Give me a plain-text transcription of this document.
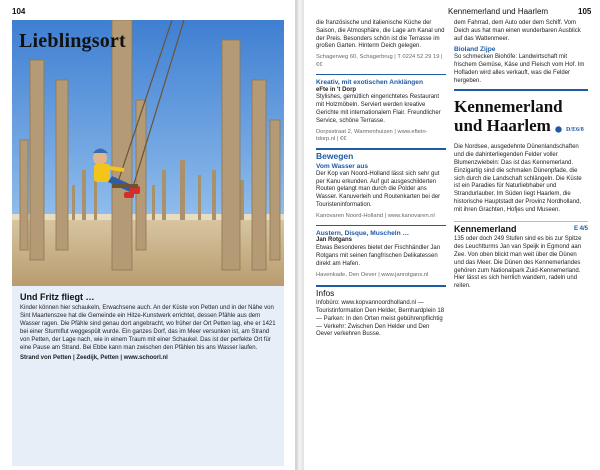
104
Lieblingsort
Und Fritz fliegt …
Kinder können hier schaukeln, Erwachsene auch. An der Küste von Petten und in der Nähe von Sint Maartenszee hat die Gemeinde ein Hitze-Kunstwerk errichtet, dessen Pfähle aus dem Wasser ragen. Die Pfähle sind genau dort angebracht, wo früher der Ort Petten lag, ehe er 1421 bei einer Sturmflut weggespült wurde. Ein ganzes Dorf, das im Meer versunken ist, am Strand von Petten, der Lage nach, wie in einem Traum mit einer Schaukel. Das ist der perfekte Ort für eine Pause am Strand. Bei Ebbe kann man zwischen den Pfählen bis ans Wasser laufen.
Strand von Petten | Zeedijk, Petten | www.schoorl.nl
Kennemerland und Haarlem	105
die französische und italienische Küche der Saison, die Atmosphäre, die Lage am Kanal und der Preis. Besonders schön ist die Terrasse im großen Garten. Hinterm Deich gelegen.
Schagerweg 60, Schagerbrug | T 0224 52 29 19 | €€
Kreativ, mit exotischen Anklängen
eFte in 't Dorp
Stylishes, gemütlich eingerichtetes Restaurant mit Holzmöbeln. Serviert werden kreative Gerichte mit internationalem Flair. Freundlicher Service, schöne Terrasse.
Dorpsstraat 2, Warmenhuizen | www.eftein-tdorp.nl | €€
Bewegen
Vom Wasser aus
Der Kop van Noord-Holland lässt sich sehr gut per Kanu erkunden. Auf gut ausgeschilderten Routen gelangt man durch die Polder ans Wasser. Kanuverleih und Routenkarten bei der Touristeninformation.
Kanovaren Noord-Holland | www.kanovaren.nl
Austern, Disque, Muscheln …
Jan Rotgans
Etwas Besonderes bietet der Fischhändler Jan Rotgans mit seinen fangfrischen Delikatessen direkt am Hafen.
Havenkade, Den Oever | www.janrotgans.nl
Infos
Infobüro: www.kopvannoordholland.nl — Touristinformation Den Helder, Bernhardplein 18 — Parken: In den Orten meist gebührenpflichtig — Verkehr: Zwischen Den Helder und Den Oever verkehren Busse.
dem Fahrrad, dem Auto oder dem Schiff. Vom Deich aus hat man einen wunderbaren Ausblick auf das Wattenmeer.
Bioland Zijpe
So schmecken Biohöfe: Landwirtschaft mit frischem Gemüse, Käse und Fleisch vom Hof. Im Hofladen wird alles verkauft, was die Felder hergeben.
Kennemerland und Haarlem ⬤ D/E6/8
Die Nordsee, ausgedehnte Dünenlandschaften und die dahinterliegenden Felder voller Blumenzwiebeln: Das ist das Kennemerland. Einzigartig sind die schmalen Dünenpfade, die sich durch die Landschaft schlängeln. Die Küste ist ein Paradies für Naturliebhaber und Strandurlauber. Im Süden liegt Haarlem, die historische Hauptstadt der Provinz Nordholland, mit ihren Grachten, Hofjes und Museen.
Kennemerland	E 4/5
135 oder doch 249 Stufen sind es bis zur Spitze des Leuchtturms Jan van Speijk in Egmond aan Zee. Von oben blickt man weit über die Dünen und das Meer. Die Dünen des Kennemerlandes gehören zum Nationalpark Zuid-Kennemerland. Hier lässt es sich herrlich wandern, radeln und reiten.
